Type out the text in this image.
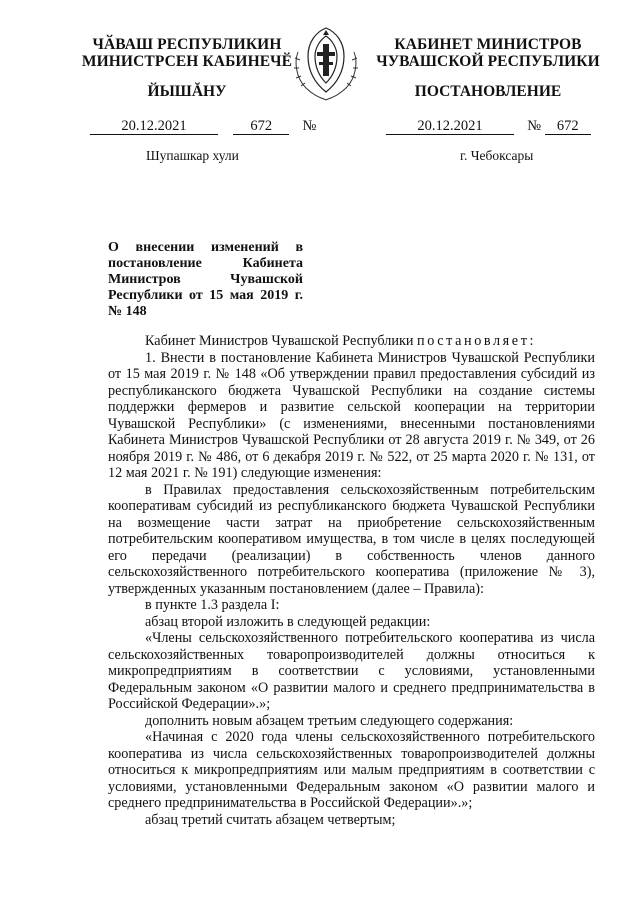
ЧӐВАШ РЕСПУБЛИКИН
МИНИСТРСЕН КАБИНЕЧӖ
ЙЫШĂНУ
КАБИНЕТ МИНИСТРОВ
ЧУВАШСКОЙ РЕСПУБЛИКИ
ПОСТАНОВЛЕНИЕ
20.12.2021	672 №	20.12.2021	№ 672
Шупашкар хули	г. Чебоксары
О внесении изменений в постановление Кабинета Министров Чувашской Республики от 15 мая 2019 г. № 148

Кабинет Министров Чувашской Республики постановляет:

1. Внести в постановление Кабинета Министров Чувашской Республики от 15 мая 2019 г. № 148 «Об утверждении правил предоставления субсидий из республиканского бюджета Чувашской Республики на создание системы поддержки фермеров и развитие сельской кооперации на территории Чувашской Республики» (с изменениями, внесенными постановлениями Кабинета Министров Чувашской Республики от 28 августа 2019 г. № 349, от 26 ноября 2019 г. № 486, от 6 декабря 2019 г. № 522, от 25 марта 2020 г. № 131, от 12 мая 2021 г. № 191) следующие изменения:

в Правилах предоставления сельскохозяйственным потребительским кооперативам субсидий из республиканского бюджета Чувашской Республики на возмещение части затрат на приобретение сельскохозяйственным потребительским кооперативом имущества, в том числе в целях последующей его передачи (реализации) в собственность членов данного сельскохозяйственного потребительского кооператива (приложение № 3), утвержденных указанным постановлением (далее – Правила):

в пункте 1.3 раздела I:

абзац второй изложить в следующей редакции:

«Члены сельскохозяйственного потребительского кооператива из числа сельскохозяйственных товаропроизводителей должны относиться к микропредприятиям в соответствии с условиями, установленными Федеральным законом «О развитии малого и среднего предпринимательства в Российской Федерации».»;

дополнить новым абзацем третьим следующего содержания:

«Начиная с 2020 года члены сельскохозяйственного потребительского кооператива из числа сельскохозяйственных товаропроизводителей должны относиться к микропредприятиям или малым предприятиям в соответствии с условиями, установленными Федеральным законом «О развитии малого и среднего предпринимательства в Российской Федерации».»;

абзац третий считать абзацем четвертым;
